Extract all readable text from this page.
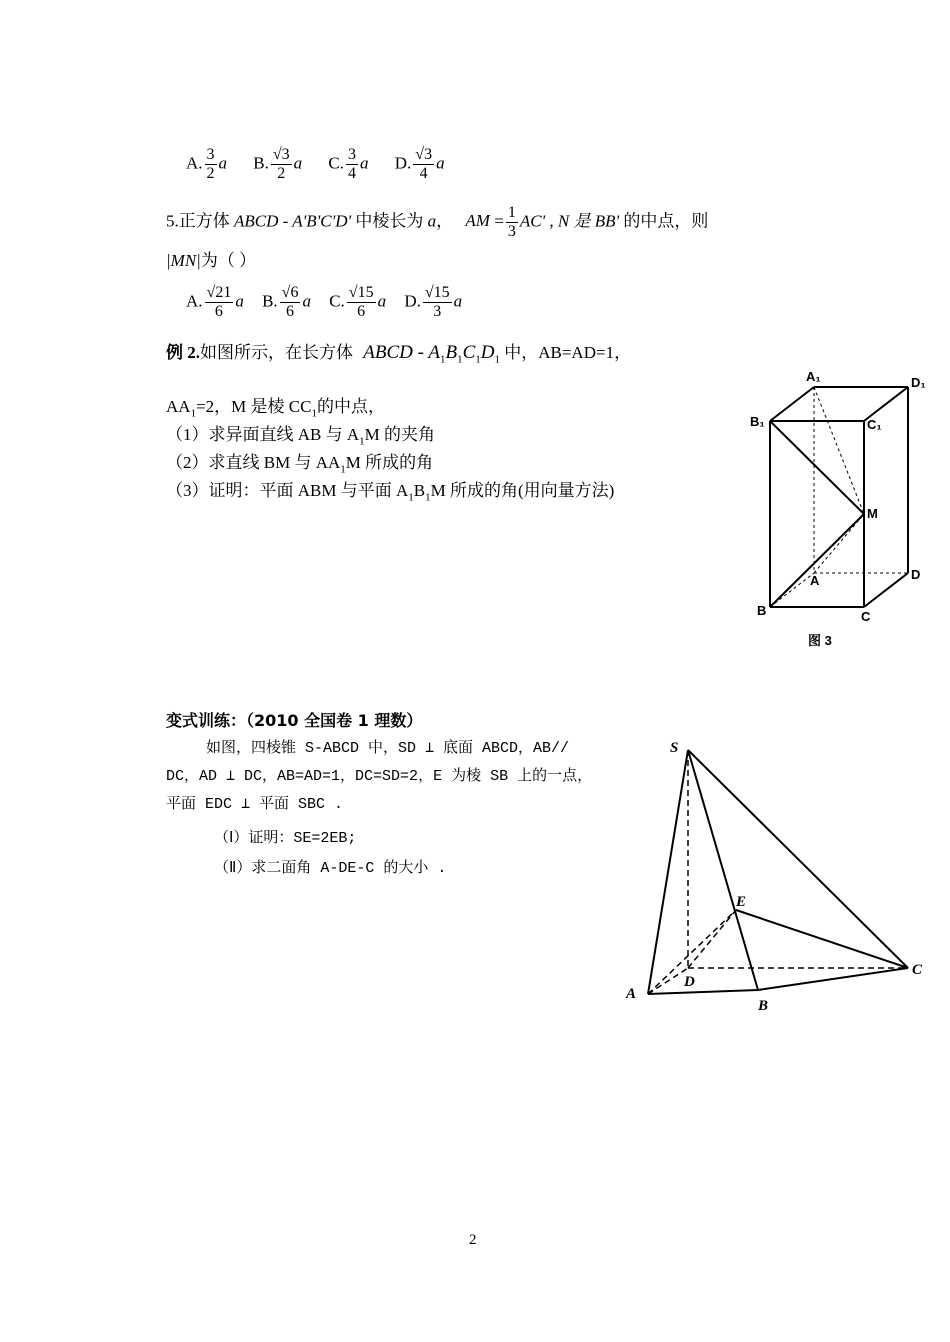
A. $\frac{3}{2}$ a B. $\frac{√3}{2}$ a C. $\frac{3}{4}$ a D. $\frac{√3}{4}$ a
5.正方体 ABCD - A'B'C'D' 中棱长为 a， AM = $\frac{1}{3} AC'$ , N 是 BB' 的中点，则
|MN|为（ ）
A. $\frac{√21}{6}$ a B. $\frac{√6}{6}$ a C. $\frac{√15}{6}$ a D. $\frac{√15}{3}$ a
例 2.如图所示，在长方体 ABCD - $A_1B_1C_1D_1$ 中，AB=AD=1，
$AA_1=2$，M 是棱 $CC_1$的中点，
（1）求异面直线 AB 与 $A_1M$ 的夹角
（2）求直线 BM 与 $AA_1M$ 所成的角
（3）证明：平面 ABM 与平面 $A_1B_1M$ 所成的角(用向量方法)
A₁	D₁
B₁	C₁
M
A	D
B	C
图 3
变式训练：（2010 全国卷 1 理数）
如图，四棱锥 S-ABCD 中，SD ⊥ 底面 ABCD，AB//
DC，AD ⊥ DC，AB=AD=1，DC=SD=2，E 为棱 SB 上的一点，
平面 EDC ⊥ 平面 SBC .
（Ⅰ）证明：SE=2EB;
（Ⅱ）求二面角 A-DE-C 的大小 .
S
E
A
D
B
C
2
